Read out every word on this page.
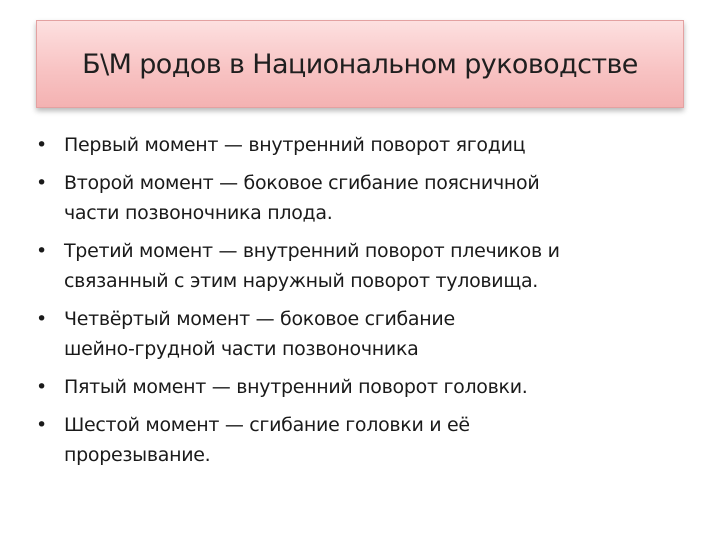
Б\М родов в Национальном руководстве
• Первый момент — внутренний поворот ягодиц
• Второй момент — боковое сгибание поясничной
части позвоночника плода.
• Третий момент — внутренний поворот плечиков и
связанный с этим наружный поворот туловища.
• Четвёртый момент — боковое сгибание
шейно-грудной части позвоночника
• Пятый момент — внутренний поворот головки.
• Шестой момент — сгибание головки и её
прорезывание.
